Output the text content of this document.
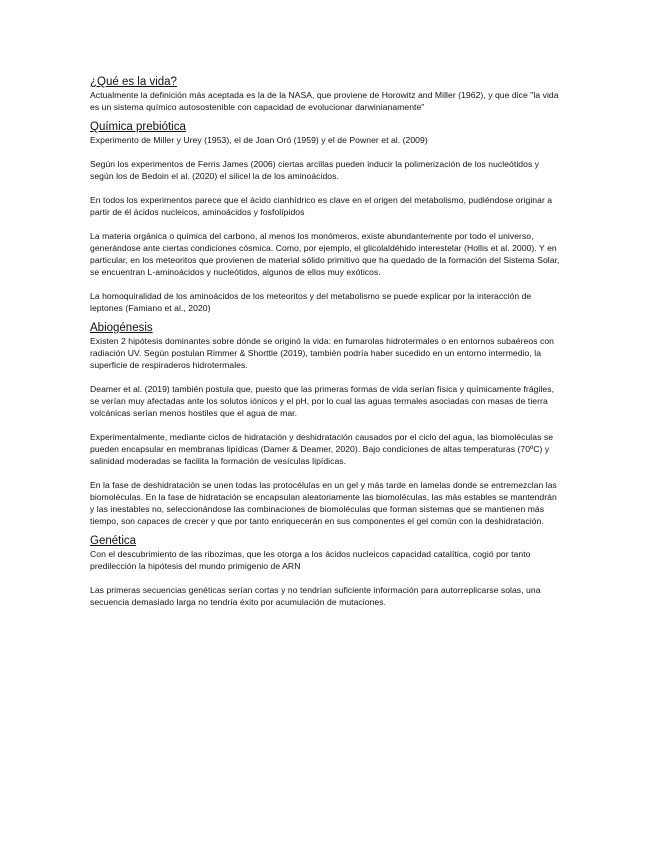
¿Qué es la vida?

Actualmente la definición más aceptada es la de la NASA, que proviene de Horowitz and Miller (1962), y que dice "la vida es un sistema químico autosostenible con capacidad de evolucionar darwinianamente"

Química prebiótica

Experimento de Miller y Urey (1953), el de Joan Oró (1959) y el de Powner et al. (2009)

Según los experimentos de Ferris James (2006) ciertas arcillas pueden inducir la polimerización de los nucleótidos y según los de Bedoin el al. (2020) el silicel la de los aminoácidos.

En todos los experimentos parece que el ácido cianhídrico es clave en el origen del metabolismo, pudiéndose originar a partir de él ácidos nucleicos, aminoácidos y fosfolípidos

La materia orgánica o química del carbono, al menos los monómeros, existe abundantemente por todo el universo, generándose ante ciertas condiciones cósmica. Como, por ejemplo, el glicolaldéhido interestelar (Hollis et al. 2000). Y en particular, en los meteoritos que provienen de material sólido primitivo que ha quedado de la formación del Sistema Solar, se encuentran L-aminoácidos y nucleótidos, algunos de ellos muy exóticos.

La homoquiralidad de los aminoácidos de los meteoritos y del metabolismo se puede explicar por la interacción de leptones (Famiano et al., 2020)

Abiogénesis

Existen 2 hipótesis dominantes sobre dónde se originó la vida: en fumarolas hidrotermales o en entornos subaéreos con radiación UV. Según postulan Rimmer & Shorttle (2019), también podría haber sucedido en un entorno intermedio, la superficie de respiraderos hidrotermales.

Deamer et al. (2019) también postula que, puesto que las primeras formas de vida serían física y químicamente frágiles, se verían muy afectadas ante los solutos iónicos y el pH, por lo cual las aguas termales asociadas con masas de tierra volcánicas serían menos hostiles que el agua de mar.

Experimentalmente, mediante ciclos de hidratación y deshidratación causados por el ciclo del agua, las biomoléculas se pueden encapsular en membranas lipídicas (Damer & Deamer, 2020). Bajo condiciones de altas temperaturas (70ºC) y salinidad moderadas se facilita la formación de vesículas lipídicas.

En la fase de deshidratación se unen todas las protocélulas en un gel y más tarde en lamelas donde se entremezclan las biomoléculas. En la fase de hidratación se encapsulan aleatoriamente las biomoléculas, las más estables se mantendrán y las inestables no, seleccionándose las combinaciones de biomoléculas que forman sistemas que se mantienen más tiempo, son capaces de crecer y que por tanto enriquecerán en sus componentes el gel común con la deshidratación.

Genética

Con el descubrimiento de las ribozimas, que les otorga a los ácidos nucleicos capacidad catalítica, cogió por tanto predilección la hipótesis del mundo primigenio de ARN

Las primeras secuencias genéticas serían cortas y no tendrían suficiente información para autorreplicarse solas, una secuencia demasiado larga no tendría éxito por acumulación de mutaciones.
